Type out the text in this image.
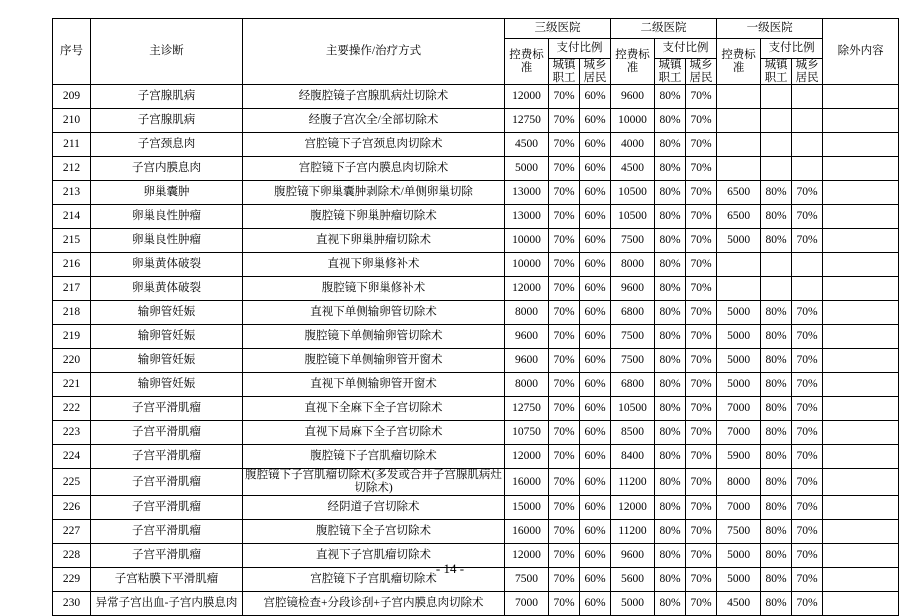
序号	主诊断	主要操作/治疗方式	三级医院			二级医院			一级医院			除外内容
			控费标准	支付比例		控费标准	支付比例		控费标准	支付比例		
				城镇职工	城乡居民		城镇职工	城乡居民		城镇职工	城乡居民	
209	子宫腺肌病	经腹腔镜子宫腺肌病灶切除术	12000	70%	60%	9600	80%	70%				
210	子宫腺肌病	经腹子宫次全/全部切除术	12750	70%	60%	10000	80%	70%				
211	子宫颈息肉	宫腔镜下子宫颈息肉切除术	4500	70%	60%	4000	80%	70%				
212	子宫内膜息肉	宫腔镜下子宫内膜息肉切除术	5000	70%	60%	4500	80%	70%				
213	卵巢囊肿	腹腔镜下卵巢囊肿剥除术/单侧卵巢切除	13000	70%	60%	10500	80%	70%	6500	80%	70%	
214	卵巢良性肿瘤	腹腔镜下卵巢肿瘤切除术	13000	70%	60%	10500	80%	70%	6500	80%	70%	
215	卵巢良性肿瘤	直视下卵巢肿瘤切除术	10000	70%	60%	7500	80%	70%	5000	80%	70%	
216	卵巢黄体破裂	直视下卵巢修补术	10000	70%	60%	8000	80%	70%				
217	卵巢黄体破裂	腹腔镜下卵巢修补术	12000	70%	60%	9600	80%	70%				
218	输卵管妊娠	直视下单侧输卵管切除术	8000	70%	60%	6800	80%	70%	5000	80%	70%	
219	输卵管妊娠	腹腔镜下单侧输卵管切除术	9600	70%	60%	7500	80%	70%	5000	80%	70%	
220	输卵管妊娠	腹腔镜下单侧输卵管开窗术	9600	70%	60%	7500	80%	70%	5000	80%	70%	
221	输卵管妊娠	直视下单侧输卵管开窗术	8000	70%	60%	6800	80%	70%	5000	80%	70%	
222	子宫平滑肌瘤	直视下全麻下全子宫切除术	12750	70%	60%	10500	80%	70%	7000	80%	70%	
223	子宫平滑肌瘤	直视下局麻下全子宫切除术	10750	70%	60%	8500	80%	70%	7000	80%	70%	
224	子宫平滑肌瘤	腹腔镜下子宫肌瘤切除术	12000	70%	60%	8400	80%	70%	5900	80%	70%	
225	子宫平滑肌瘤	腹腔镜下子宫肌瘤切除术(多发或合并子宫腺肌病灶切除术)	16000	70%	60%	11200	80%	70%	8000	80%	70%	
226	子宫平滑肌瘤	经阴道子宫切除术	15000	70%	60%	12000	80%	70%	7000	80%	70%	
227	子宫平滑肌瘤	腹腔镜下全子宫切除术	16000	70%	60%	11200	80%	70%	7500	80%	70%	
228	子宫平滑肌瘤	直视下子宫肌瘤切除术	12000	70%	60%	9600	80%	70%	5000	80%	70%	
229	子宫粘膜下平滑肌瘤	宫腔镜下子宫肌瘤切除术	7500	70%	60%	5600	80%	70%	5000	80%	70%	
230	异常子宫出血-子宫内膜息肉	宫腔镜检查+分段诊刮+子宫内膜息肉切除术	7000	70%	60%	5000	80%	70%	4500	80%	70%	
- 14 -
